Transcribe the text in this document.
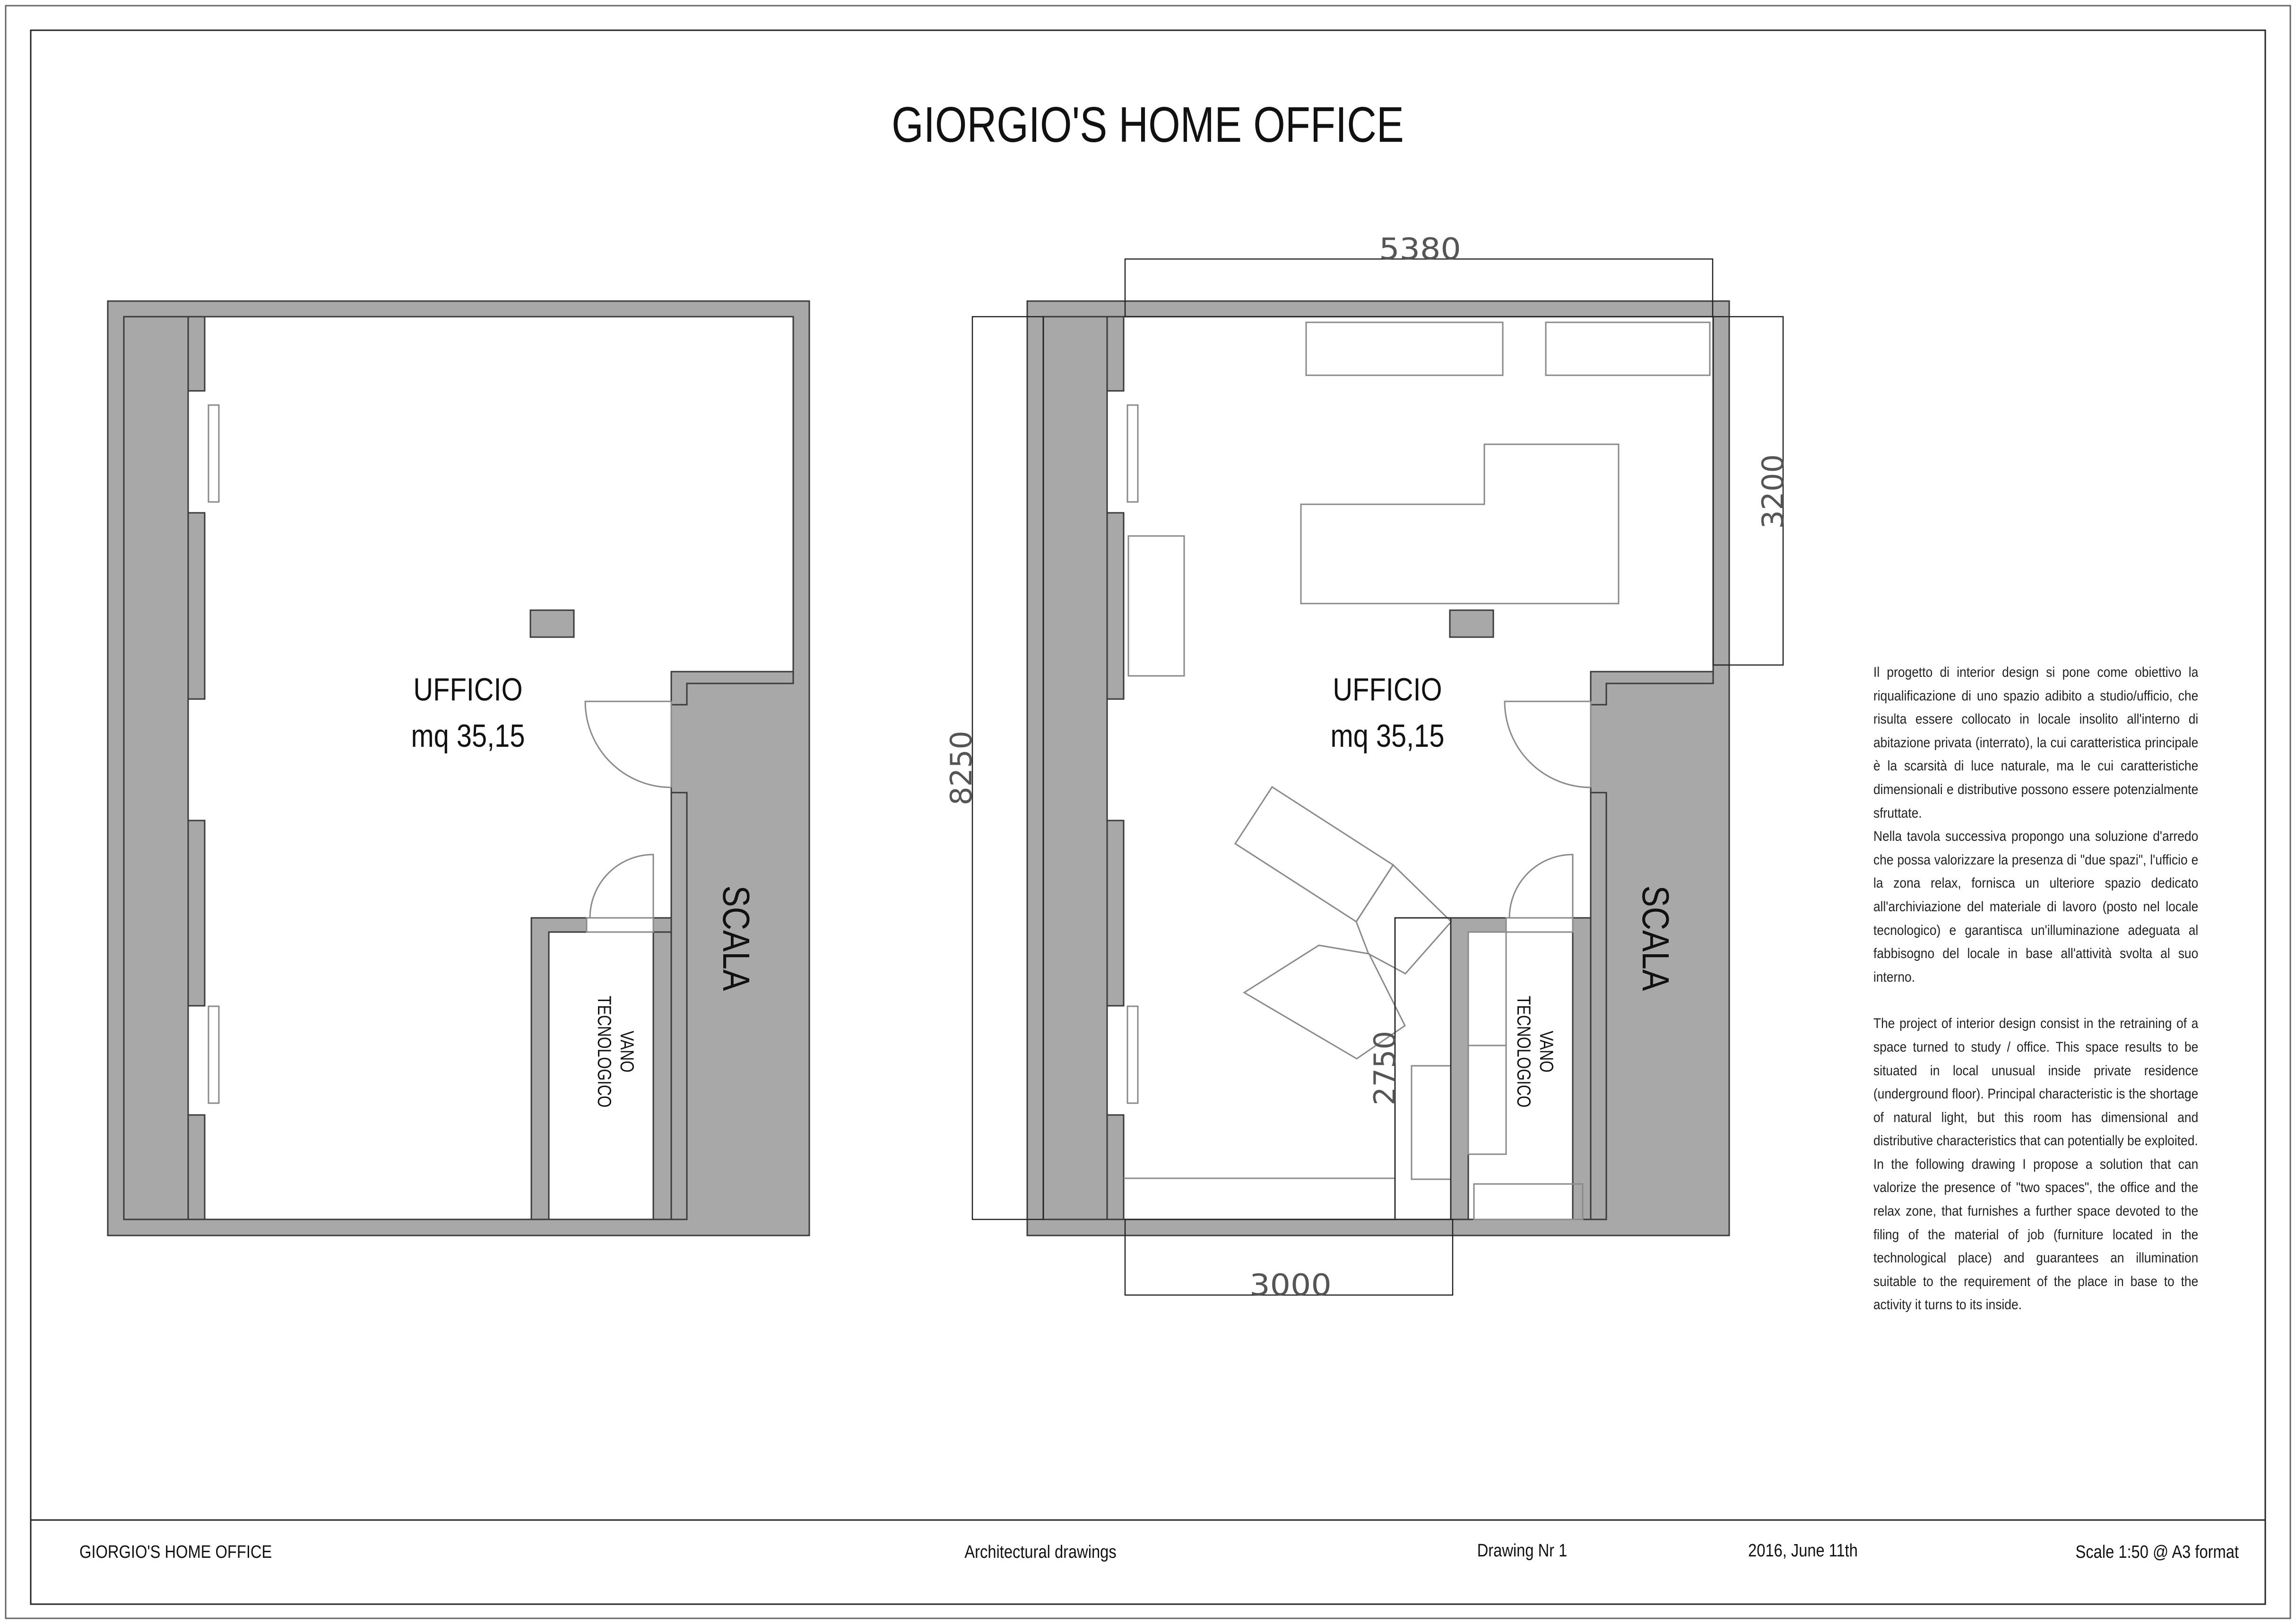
GIORGIO'S HOME OFFICE
UFFICIO
mq 35,15
SCALA
VANO
TECNOLOGICO
5380
3200
8250
2750
3000
UFFICIO
mq 35,15
SCALA
VANO
TECNOLOGICO
GIORGIO'S HOME OFFICE	Architectural drawings	Drawing Nr 1	2016, June 11th	Scale 1:50 @ A3 format

Il progetto di interior design si pone come obiettivo la riqualificazione di uno spazio adibito a studio/ufficio, che risulta essere collocato in locale insolito all'interno di abitazione privata (interrato), la cui caratteristica principale è la scarsità di luce naturale, ma le cui caratteristiche dimensionali e distributive possono essere potenzialmente sfruttate.

Nella tavola successiva propongo una soluzione d'arredo che possa valorizzare la presenza di "due spazi", l'ufficio e la zona relax, fornisca un ulteriore spazio dedicato all'archiviazione del materiale di lavoro (posto nel locale tecnologico) e garantisca un'illuminazione adeguata al fabbisogno del locale in base all'attività svolta al suo interno.

The project of interior design consist in the retraining of a space turned to study / office. This space results to be situated in local unusual inside private residence (underground floor). Principal characteristic is the shortage of natural light, but this room has dimensional and distributive characteristics that can potentially be exploited.

In the following drawing I propose a solution that can valorize the presence of "two spaces", the office and the relax zone, that furnishes a further space devoted to the filing of the material of job (furniture located in the technological place) and guarantees an illumination suitable to the requirement of the place in base to the activity it turns to its inside.
